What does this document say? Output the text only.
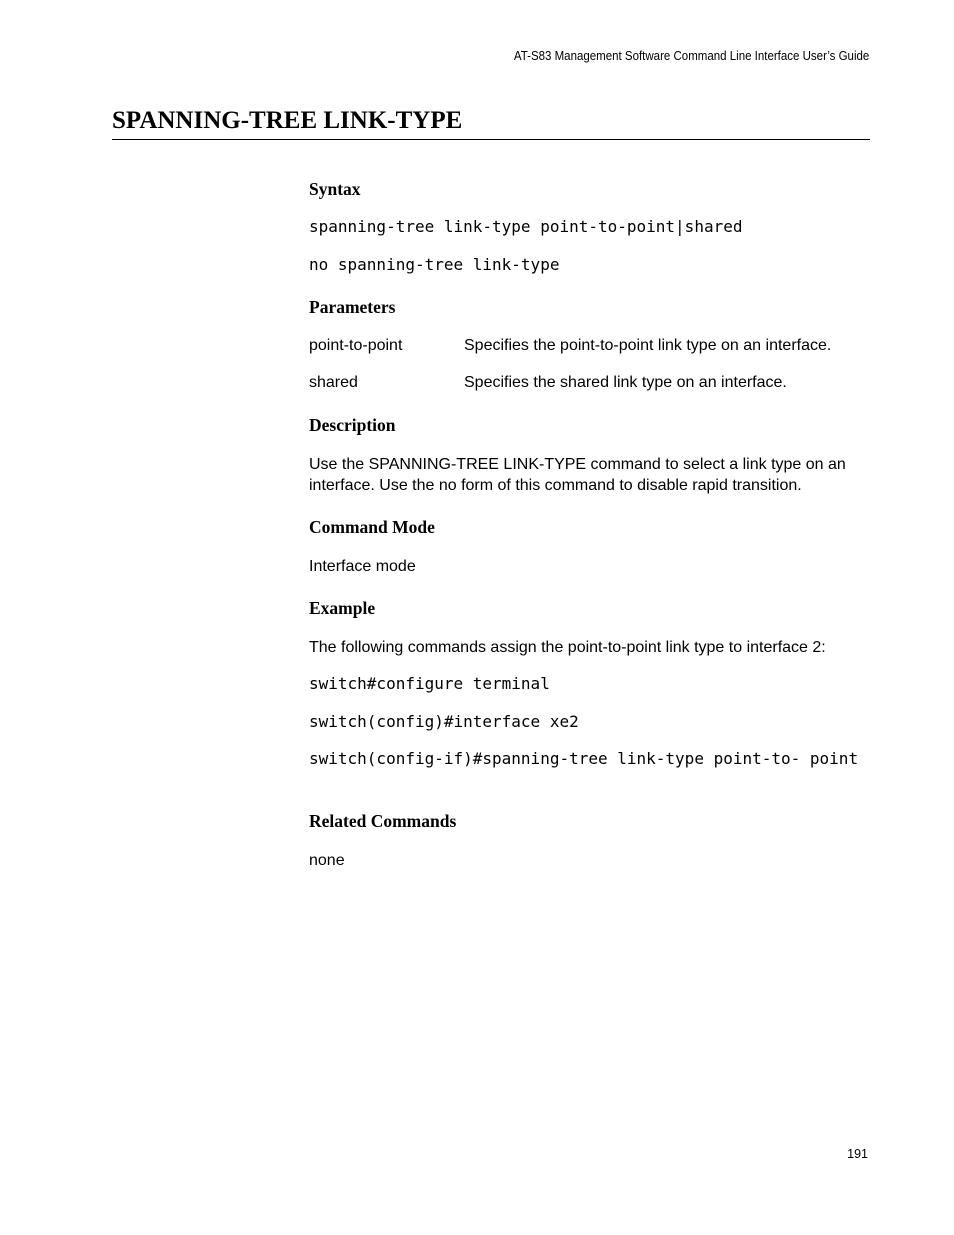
AT-S83 Management Software Command Line Interface User’s Guide
SPANNING-TREE LINK-TYPE
Syntax
spanning-tree link-type point-to-point|shared
no spanning-tree link-type
Parameters
point-to-point	Specifies the point-to-point link type on an interface.
shared	Specifies the shared link type on an interface.
Description

Use the SPANNING-TREE LINK-TYPE command to select a link type on an interface. Use the no form of this command to disable rapid transition.

Command Mode

Interface mode

Example

The following commands assign the point-to-point link type to interface 2:

switch#configure terminal
switch(config)#interface xe2
switch(config-if)#spanning-tree link-type point-to- point
Related Commands

none

191
